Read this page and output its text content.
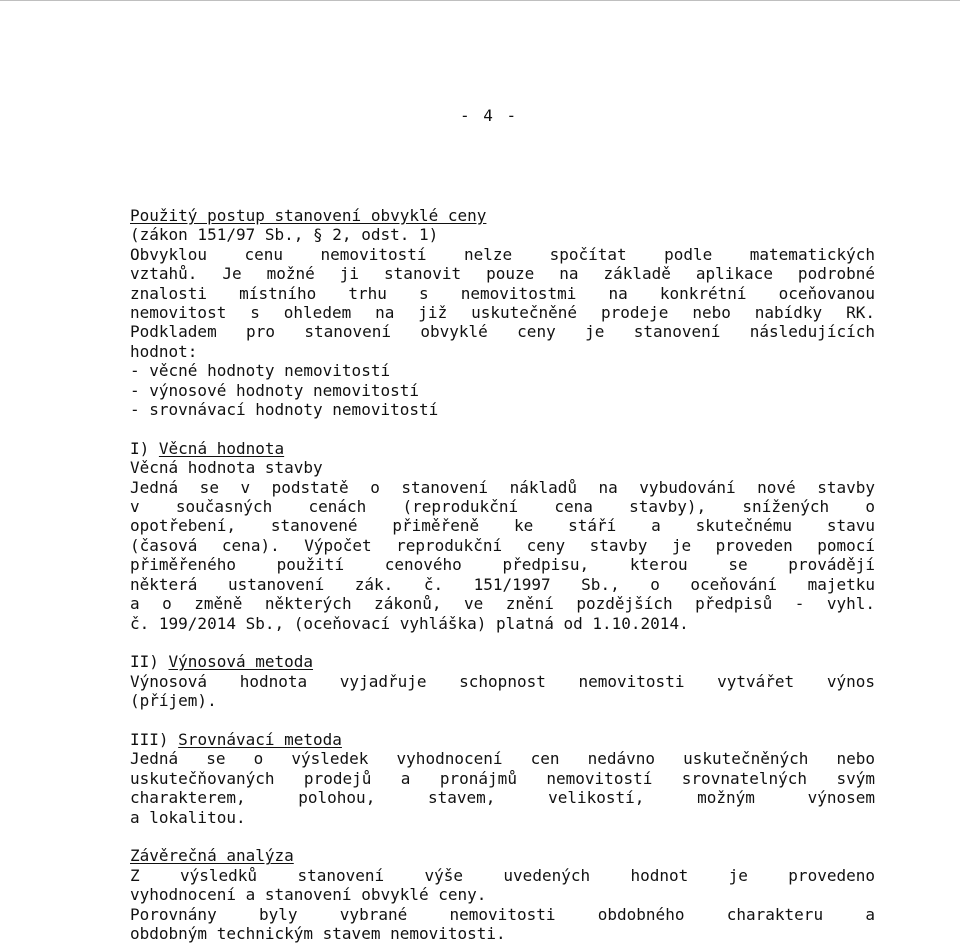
- 4 -

Použitý postup stanovení obvyklé ceny

(zákon 151/97 Sb., § 2, odst. 1)

Obvyklou cenu nemovitostí nelze spočítat podle matematických

vztahů. Je možné ji stanovit pouze na základě aplikace podrobné

znalosti místního trhu s nemovitostmi na konkrétní oceňovanou

nemovitost s ohledem na již uskutečněné prodeje nebo nabídky RK.

Podkladem pro stanovení obvyklé ceny je stanovení následujících

hodnot:

- věcné hodnoty nemovitostí

- výnosové hodnoty nemovitostí

- srovnávací hodnoty nemovitostí

I) Věcná hodnota

Věcná hodnota stavby

Jedná se v podstatě o stanovení nákladů na vybudování nové stavby

v současných cenách (reprodukční cena stavby), snížených o

opotřebení, stanovené přiměřeně ke stáří a skutečnému stavu

(časová cena). Výpočet reprodukční ceny stavby je proveden pomocí

přiměřeného použití cenového předpisu, kterou se provádějí

některá ustanovení zák. č. 151/1997 Sb., o oceňování majetku

a o změně některých zákonů, ve znění pozdějších předpisů - vyhl.

č. 199/2014 Sb., (oceňovací vyhláška) platná od 1.10.2014.

II) Výnosová metoda

Výnosová hodnota vyjadřuje schopnost nemovitosti vytvářet výnos

(příjem).

III) Srovnávací metoda

Jedná se o výsledek vyhodnocení cen nedávno uskutečněných nebo

uskutečňovaných prodejů a pronájmů nemovitostí srovnatelných svým

charakterem, polohou, stavem, velikostí, možným výnosem

a lokalitou.

Závěrečná analýza

Z výsledků stanovení výše uvedených hodnot je provedeno

vyhodnocení a stanovení obvyklé ceny.

Porovnány byly vybrané nemovitosti obdobného charakteru a

obdobným technickým stavem nemovitosti.
